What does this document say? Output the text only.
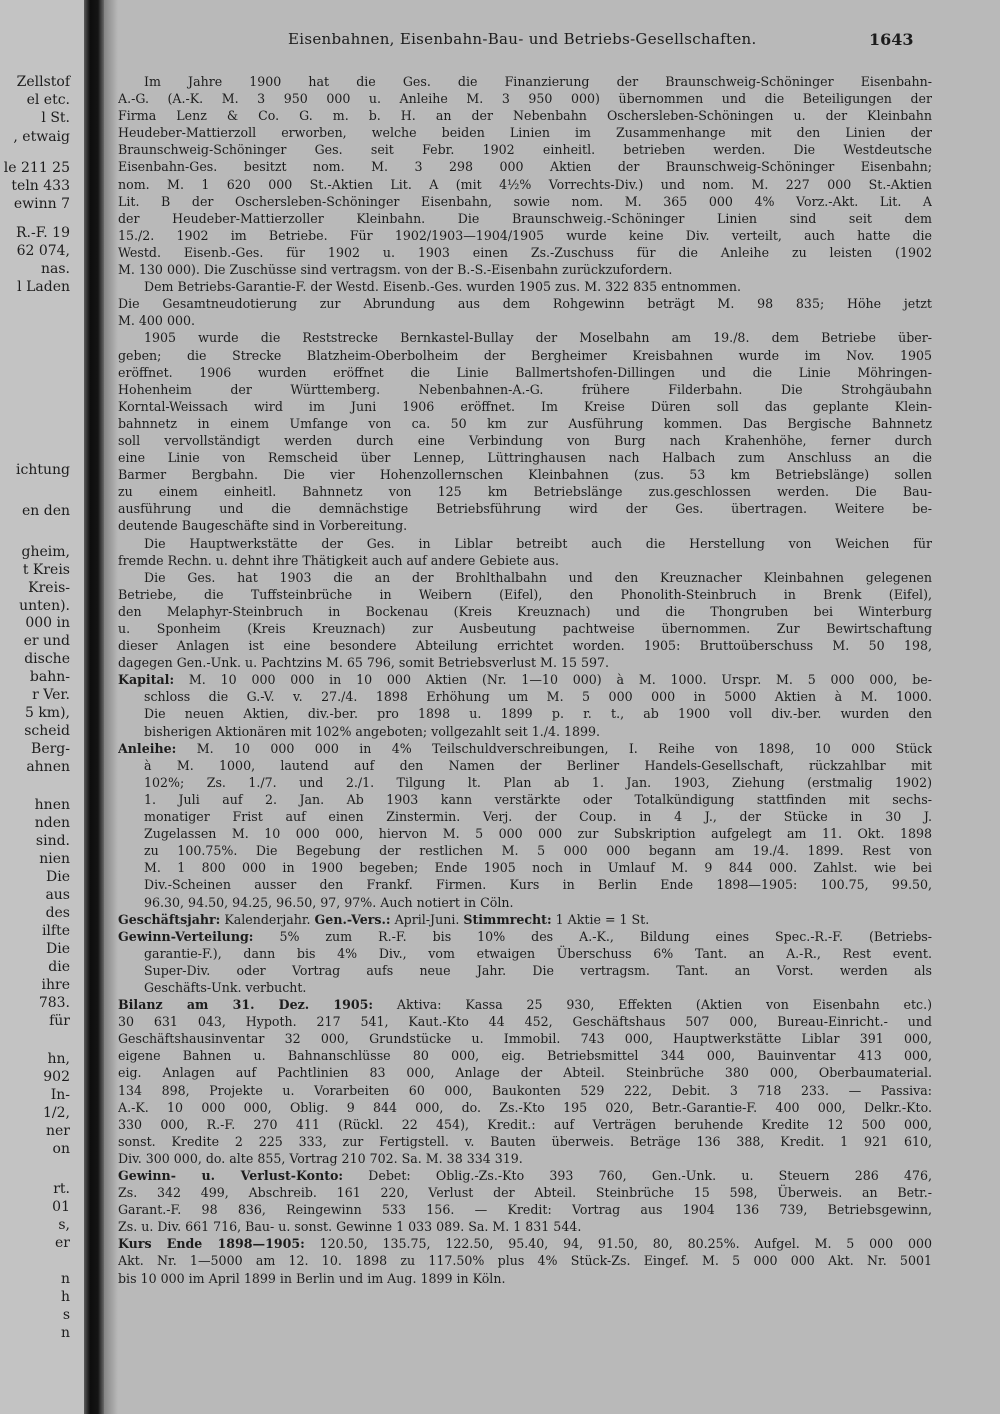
Zellstof
el etc.
l St.
, etwaig
le 211 25
teln 433
ewinn 7
R.-F. 19
62 074,
nas.
l Laden
ichtung
en den
gheim,
t Kreis
Kreis-
unten).
000 in
er und
dische
bahn-
r Ver.
5 km),
scheid
Berg-
ahnen
hnen
nden
sind.
nien
Die
aus
des
ilfte
Die
die
ihre
783.
für
hn,
902
In-
1/2,
ner
on
rt.
01
s,
er
n
h
s
n
Eisenbahnen, Eisenbahn-Bau- und Betriebs-Gesellschaften.	1643
Im Jahre 1900 hat die Ges. die Finanzierung der Braunschweig-Schöninger Eisenbahn-
A.-G. (A.-K. M. 3 950 000 u. Anleihe M. 3 950 000) übernommen und die Beteiligungen der
Firma Lenz & Co. G. m. b. H. an der Nebenbahn Oschersleben-Schöningen u. der Kleinbahn
Heudeber-Mattierzoll erworben, welche beiden Linien im Zusammenhange mit den Linien der
Braunschweig-Schöninger Ges. seit Febr. 1902 einheitl. betrieben werden. Die Westdeutsche
Eisenbahn-Ges. besitzt nom. M. 3 298 000 Aktien der Braunschweig-Schöninger Eisenbahn;
nom. M. 1 620 000 St.-Aktien Lit. A (mit 4½% Vorrechts-Div.) und nom. M. 227 000 St.-Aktien
Lit. B der Oschersleben-Schöninger Eisenbahn, sowie nom. M. 365 000 4% Vorz.-Akt. Lit. A
der Heudeber-Mattierzoller Kleinbahn. Die Braunschweig.-Schöninger Linien sind seit dem
15./2. 1902 im Betriebe. Für 1902/1903—1904/1905 wurde keine Div. verteilt, auch hatte die
Westd. Eisenb.-Ges. für 1902 u. 1903 einen Zs.-Zuschuss für die Anleihe zu leisten (1902
M. 130 000). Die Zuschüsse sind vertragsm. von der B.-S.-Eisenbahn zurückzufordern.
Dem Betriebs-Garantie-F. der Westd. Eisenb.-Ges. wurden 1905 zus. M. 322 835 entnommen.
Die Gesamtneudotierung zur Abrundung aus dem Rohgewinn beträgt M. 98 835; Höhe jetzt
M. 400 000.
1905 wurde die Reststrecke Bernkastel-Bullay der Moselbahn am 19./8. dem Betriebe über-
geben; die Strecke Blatzheim-Oberbolheim der Bergheimer Kreisbahnen wurde im Nov. 1905
eröffnet. 1906 wurden eröffnet die Linie Ballmertshofen-Dillingen und die Linie Möhringen-
Hohenheim der Württemberg. Nebenbahnen-A.-G. frühere Filderbahn. Die Strohgäubahn
Korntal-Weissach wird im Juni 1906 eröffnet. Im Kreise Düren soll das geplante Klein-
bahnnetz in einem Umfange von ca. 50 km zur Ausführung kommen. Das Bergische Bahnnetz
soll vervollständigt werden durch eine Verbindung von Burg nach Krahenhöhe, ferner durch
eine Linie von Remscheid über Lennep, Lüttringhausen nach Halbach zum Anschluss an die
Barmer Bergbahn. Die vier Hohenzollernschen Kleinbahnen (zus. 53 km Betriebslänge) sollen
zu einem einheitl. Bahnnetz von 125 km Betriebslänge zus.geschlossen werden. Die Bau-
ausführung und die demnächstige Betriebsführung wird der Ges. übertragen. Weitere be-
deutende Baugeschäfte sind in Vorbereitung.
Die Hauptwerkstätte der Ges. in Liblar betreibt auch die Herstellung von Weichen für
fremde Rechn. u. dehnt ihre Thätigkeit auch auf andere Gebiete aus.
Die Ges. hat 1903 die an der Brohlthalbahn und den Kreuznacher Kleinbahnen gelegenen
Betriebe, die Tuffsteinbrüche in Weibern (Eifel), den Phonolith-Steinbruch in Brenk (Eifel),
den Melaphyr-Steinbruch in Bockenau (Kreis Kreuznach) und die Thongruben bei Winterburg
u. Sponheim (Kreis Kreuznach) zur Ausbeutung pachtweise übernommen. Zur Bewirtschaftung
dieser Anlagen ist eine besondere Abteilung errichtet worden. 1905: Bruttoüberschuss M. 50 198,
dagegen Gen.-Unk. u. Pachtzins M. 65 796, somit Betriebsverlust M. 15 597.
Kapital: M. 10 000 000 in 10 000 Aktien (Nr. 1—10 000) à M. 1000. Urspr. M. 5 000 000, be-
schloss die G.-V. v. 27./4. 1898 Erhöhung um M. 5 000 000 in 5000 Aktien à M. 1000.
Die neuen Aktien, div.-ber. pro 1898 u. 1899 p. r. t., ab 1900 voll div.-ber. wurden den
bisherigen Aktionären mit 102% angeboten; vollgezahlt seit 1./4. 1899.
Anleihe: M. 10 000 000 in 4% Teilschuldverschreibungen, I. Reihe von 1898, 10 000 Stück
à M. 1000, lautend auf den Namen der Berliner Handels-Gesellschaft, rückzahlbar mit
102%; Zs. 1./7. und 2./1. Tilgung lt. Plan ab 1. Jan. 1903, Ziehung (erstmalig 1902)
1. Juli auf 2. Jan. Ab 1903 kann verstärkte oder Totalkündigung stattfinden mit sechs-
monatiger Frist auf einen Zinstermin. Verj. der Coup. in 4 J., der Stücke in 30 J.
Zugelassen M. 10 000 000, hiervon M. 5 000 000 zur Subskription aufgelegt am 11. Okt. 1898
zu 100.75%. Die Begebung der restlichen M. 5 000 000 begann am 19./4. 1899. Rest von
M. 1 800 000 in 1900 begeben; Ende 1905 noch in Umlauf M. 9 844 000. Zahlst. wie bei
Div.-Scheinen ausser den Frankf. Firmen. Kurs in Berlin Ende 1898—1905: 100.75, 99.50,
96.30, 94.50, 94.25, 96.50, 97, 97%. Auch notiert in Cöln.
Geschäftsjahr: Kalenderjahr. Gen.-Vers.: April-Juni. Stimmrecht: 1 Aktie = 1 St.
Gewinn-Verteilung: 5% zum R.-F. bis 10% des A.-K., Bildung eines Spec.-R.-F. (Betriebs-
garantie-F.), dann bis 4% Div., vom etwaigen Überschuss 6% Tant. an A.-R., Rest event.
Super-Div. oder Vortrag aufs neue Jahr. Die vertragsm. Tant. an Vorst. werden als
Geschäfts-Unk. verbucht.
Bilanz am 31. Dez. 1905: Aktiva: Kassa 25 930, Effekten (Aktien von Eisenbahn etc.)
30 631 043, Hypoth. 217 541, Kaut.-Kto 44 452, Geschäftshaus 507 000, Bureau-Einricht.- und
Geschäftshausinventar 32 000, Grundstücke u. Immobil. 743 000, Hauptwerkstätte Liblar 391 000,
eigene Bahnen u. Bahnanschlüsse 80 000, eig. Betriebsmittel 344 000, Bauinventar 413 000,
eig. Anlagen auf Pachtlinien 83 000, Anlage der Abteil. Steinbrüche 380 000, Oberbaumaterial.
134 898, Projekte u. Vorarbeiten 60 000, Baukonten 529 222, Debit. 3 718 233. — Passiva:
A.-K. 10 000 000, Oblig. 9 844 000, do. Zs.-Kto 195 020, Betr.-Garantie-F. 400 000, Delkr.-Kto.
330 000, R.-F. 270 411 (Rückl. 22 454), Kredit.: auf Verträgen beruhende Kredite 12 500 000,
sonst. Kredite 2 225 333, zur Fertigstell. v. Bauten überweis. Beträge 136 388, Kredit. 1 921 610,
Div. 300 000, do. alte 855, Vortrag 210 702. Sa. M. 38 334 319.
Gewinn- u. Verlust-Konto: Debet: Oblig.-Zs.-Kto 393 760, Gen.-Unk. u. Steuern 286 476,
Zs. 342 499, Abschreib. 161 220, Verlust der Abteil. Steinbrüche 15 598, Überweis. an Betr.-
Garant.-F. 98 836, Reingewinn 533 156. — Kredit: Vortrag aus 1904 136 739, Betriebsgewinn,
Zs. u. Div. 661 716, Bau- u. sonst. Gewinne 1 033 089. Sa. M. 1 831 544.
Kurs Ende 1898—1905: 120.50, 135.75, 122.50, 95.40, 94, 91.50, 80, 80.25%. Aufgel. M. 5 000 000
Akt. Nr. 1—5000 am 12. 10. 1898 zu 117.50% plus 4% Stück-Zs. Eingef. M. 5 000 000 Akt. Nr. 5001
bis 10 000 im April 1899 in Berlin und im Aug. 1899 in Köln.
